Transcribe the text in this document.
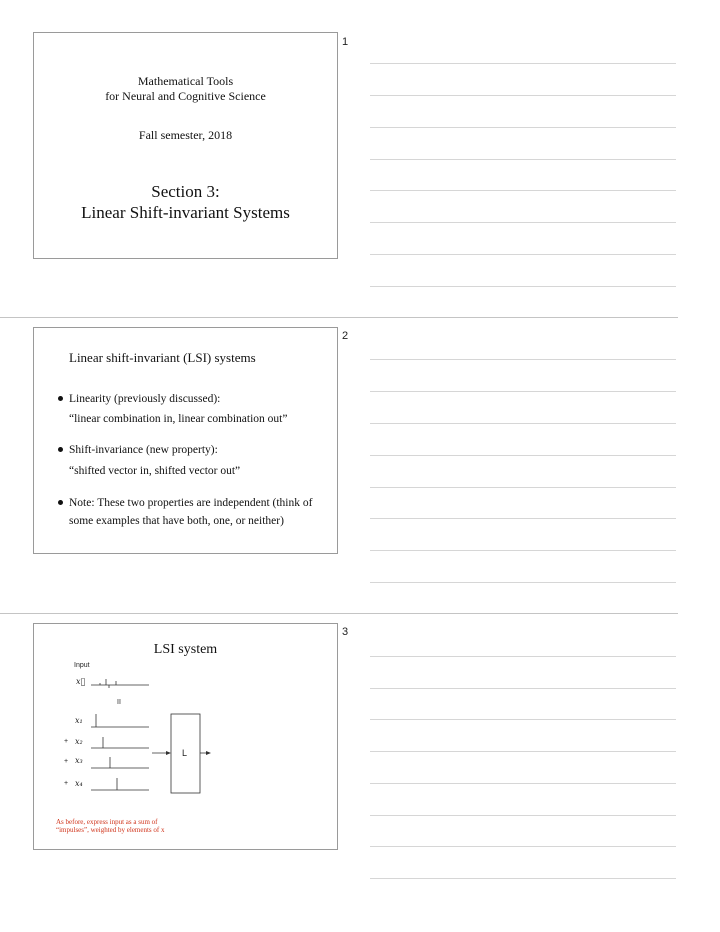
1
Mathematical Tools
for Neural and Cognitive Science
Fall semester, 2018
Section 3:
Linear Shift-invariant Systems
2
Linear shift-invariant (LSI) systems
Linearity (previously discussed):
“linear combination in, linear combination out”
Shift-invariance (new property):
“shifted vector in, shifted vector out”
Note: These two properties are independent (think of some examples that have both, one, or neither)
3
LSI system
Input
x⃗
II
x₁
+ x₂
+ x₃
+ x₄
L
As before, express input as a sum of “impulses”, weighted by elements of x
